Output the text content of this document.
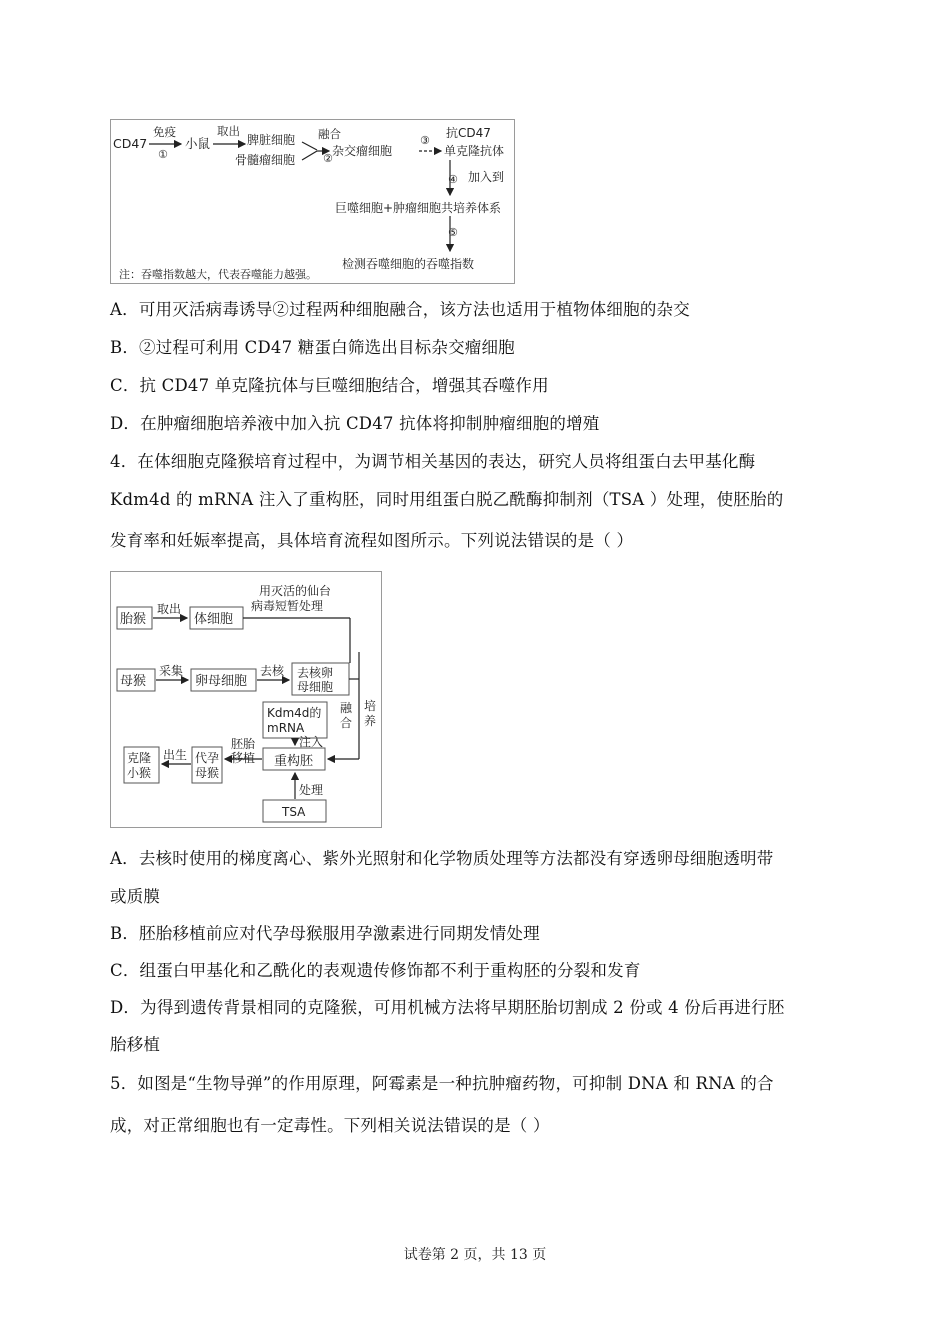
CD47
免疫
①
小鼠
取出
脾脏细胞
骨髓瘤细胞
融合
②
杂交瘤细胞
③
抗CD47
单克隆抗体
④ 加入到
巨噬细胞+肿瘤细胞共培养体系
⑤
检测吞噬细胞的吞噬指数
注：吞噬指数越大，代表吞噬能力越强。
A．可用灭活病毒诱导②过程两种细胞融合，该方法也适用于植物体细胞的杂交
B．②过程可利用 CD47 糖蛋白筛选出目标杂交瘤细胞
C．抗 CD47 单克隆抗体与巨噬细胞结合，增强其吞噬作用
D．在肿瘤细胞培养液中加入抗 CD47 抗体将抑制肿瘤细胞的增殖
4．在体细胞克隆猴培育过程中，为调节相关基因的表达，研究人员将组蛋白去甲基化酶
Kdm4d 的 mRNA 注入了重构胚，同时用组蛋白脱乙酰酶抑制剂（TSA ）处理，使胚胎的
发育率和妊娠率提高，具体培育流程如图所示。下列说法错误的是（ ）
胎猴
取出
体细胞
用灭活的仙台
病毒短暂处理
母猴
采集
卵母细胞
去核 去核卵
母细胞
融
合
培
养
Kdm4d的
mRNA
注入
重构胚
胚胎
移植
代孕
母猴
出生
克隆
小猴
处理
TSA
A．去核时使用的梯度离心、紫外光照射和化学物质处理等方法都没有穿透卵母细胞透明带
或质膜
B．胚胎移植前应对代孕母猴服用孕激素进行同期发情处理
C．组蛋白甲基化和乙酰化的表观遗传修饰都不利于重构胚的分裂和发育
D．为得到遗传背景相同的克隆猴，可用机械方法将早期胚胎切割成 2 份或 4 份后再进行胚
胎移植
5．如图是“生物导弹”的作用原理，阿霉素是一种抗肿瘤药物，可抑制 DNA 和 RNA 的合
成，对正常细胞也有一定毒性。下列相关说法错误的是（ ）
试卷第 2 页，共 13 页
